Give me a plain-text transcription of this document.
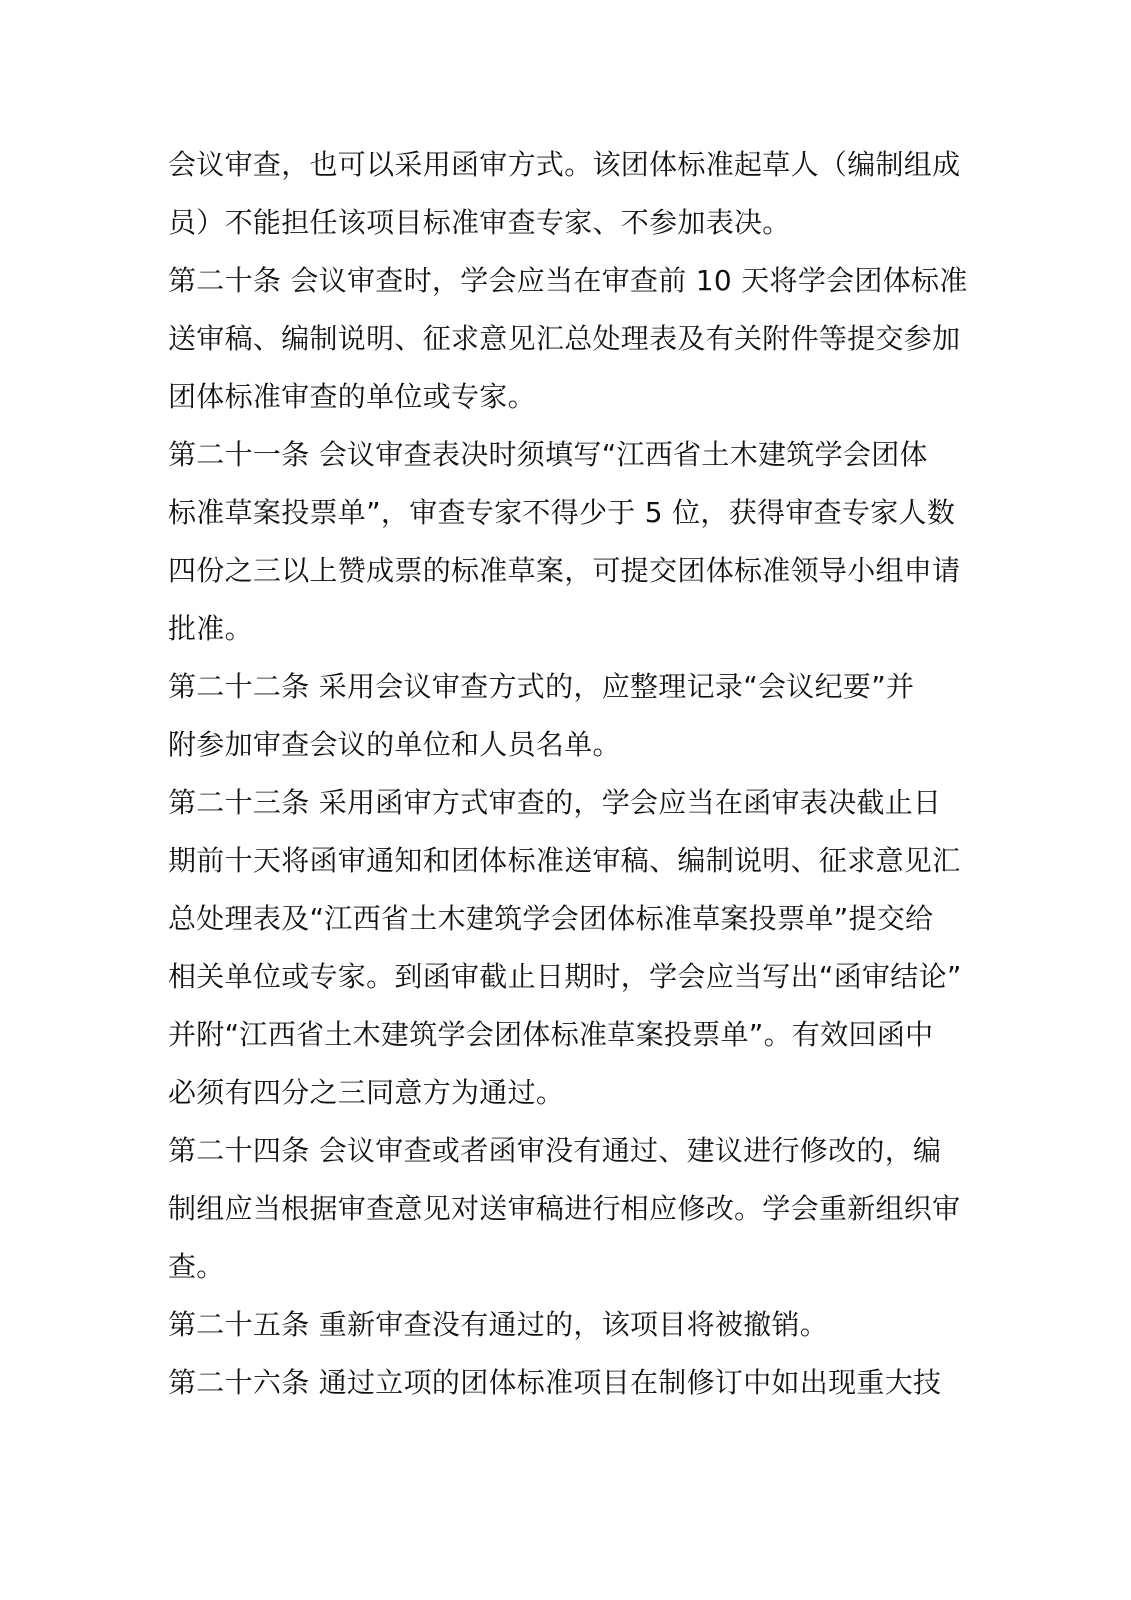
会议审查，也可以采用函审方式。该团体标准起草人（编制组成
员）不能担任该项目标准审查专家、不参加表决。
第二十条 会议审查时，学会应当在审查前 10 天将学会团体标准
送审稿、编制说明、征求意见汇总处理表及有关附件等提交参加
团体标准审查的单位或专家。
第二十一条 会议审查表决时须填写“江西省土木建筑学会团体
标准草案投票单”，审查专家不得少于 5 位，获得审查专家人数
四份之三以上赞成票的标准草案，可提交团体标准领导小组申请
批准。
第二十二条 采用会议审查方式的，应整理记录“会议纪要”并
附参加审查会议的单位和人员名单。
第二十三条 采用函审方式审查的，学会应当在函审表决截止日
期前十天将函审通知和团体标准送审稿、编制说明、征求意见汇
总处理表及“江西省土木建筑学会团体标准草案投票单”提交给
相关单位或专家。到函审截止日期时，学会应当写出“函审结论”
并附“江西省土木建筑学会团体标准草案投票单”。有效回函中
必须有四分之三同意方为通过。
第二十四条 会议审查或者函审没有通过、建议进行修改的，编
制组应当根据审查意见对送审稿进行相应修改。学会重新组织审
查。
第二十五条 重新审查没有通过的，该项目将被撤销。
第二十六条 通过立项的团体标准项目在制修订中如出现重大技
